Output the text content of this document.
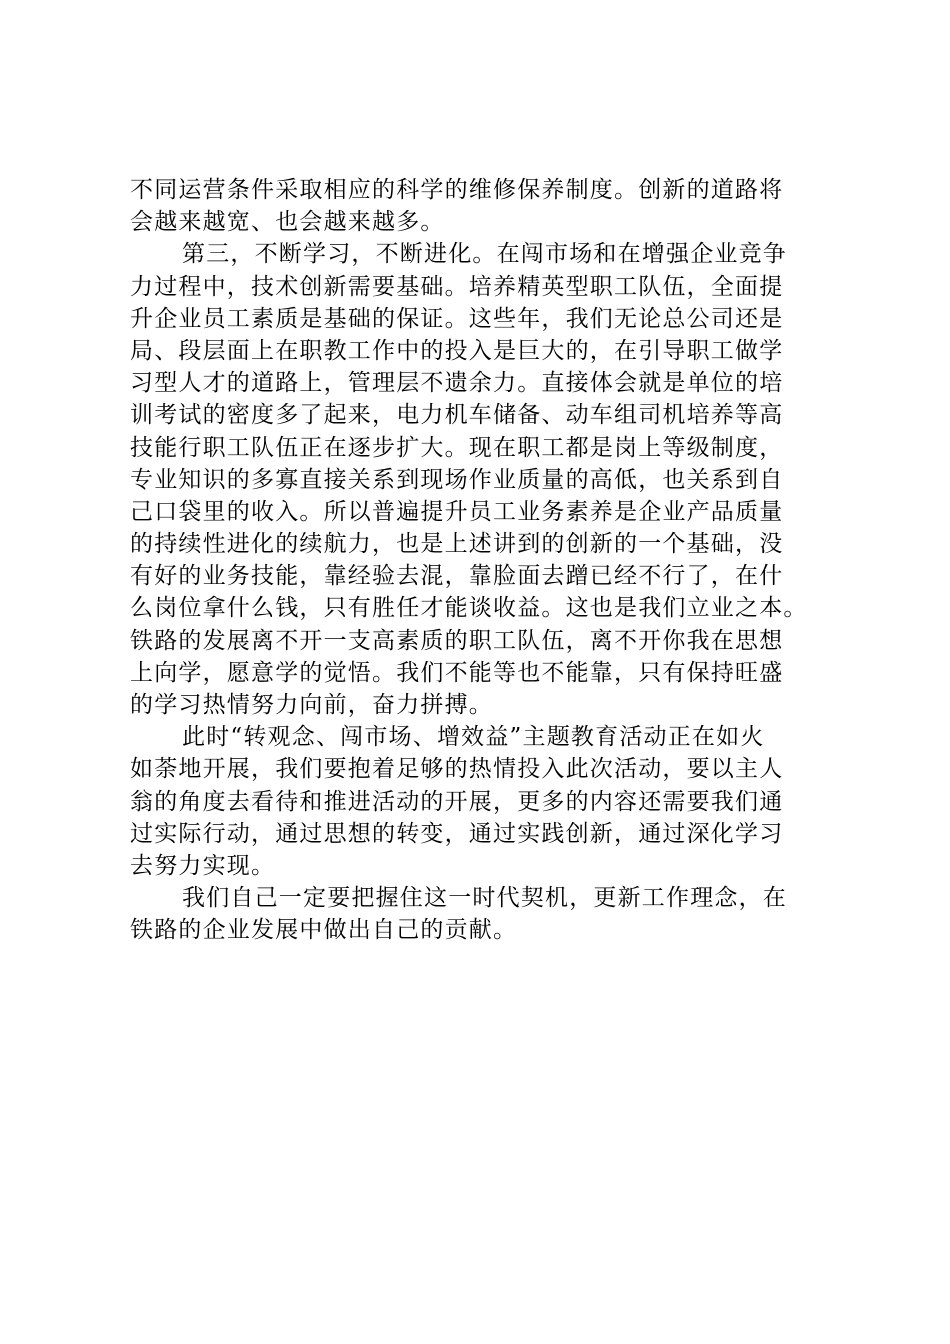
不同运营条件采取相应的科学的维修保养制度。创新的道路将
会越来越宽、也会越来越多。
第三，不断学习，不断进化。在闯市场和在增强企业竞争
力过程中，技术创新需要基础。培养精英型职工队伍，全面提
升企业员工素质是基础的保证。这些年，我们无论总公司还是
局、段层面上在职教工作中的投入是巨大的，在引导职工做学
习型人才的道路上，管理层不遗余力。直接体会就是单位的培
训考试的密度多了起来，电力机车储备、动车组司机培养等高
技能行职工队伍正在逐步扩大。现在职工都是岗上等级制度，
专业知识的多寡直接关系到现场作业质量的高低，也关系到自
己口袋里的收入。所以普遍提升员工业务素养是企业产品质量
的持续性进化的续航力，也是上述讲到的创新的一个基础，没
有好的业务技能，靠经验去混，靠脸面去蹭已经不行了，在什
么岗位拿什么钱，只有胜任才能谈收益。这也是我们立业之本。
铁路的发展离不开一支高素质的职工队伍，离不开你我在思想
上向学，愿意学的觉悟。我们不能等也不能靠，只有保持旺盛
的学习热情努力向前，奋力拼搏。
此时“转观念、闯市场、增效益”主题教育活动正在如火
如荼地开展，我们要抱着足够的热情投入此次活动，要以主人
翁的角度去看待和推进活动的开展，更多的内容还需要我们通
过实际行动，通过思想的转变，通过实践创新，通过深化学习
去努力实现。
我们自己一定要把握住这一时代契机，更新工作理念，在
铁路的企业发展中做出自己的贡献。
